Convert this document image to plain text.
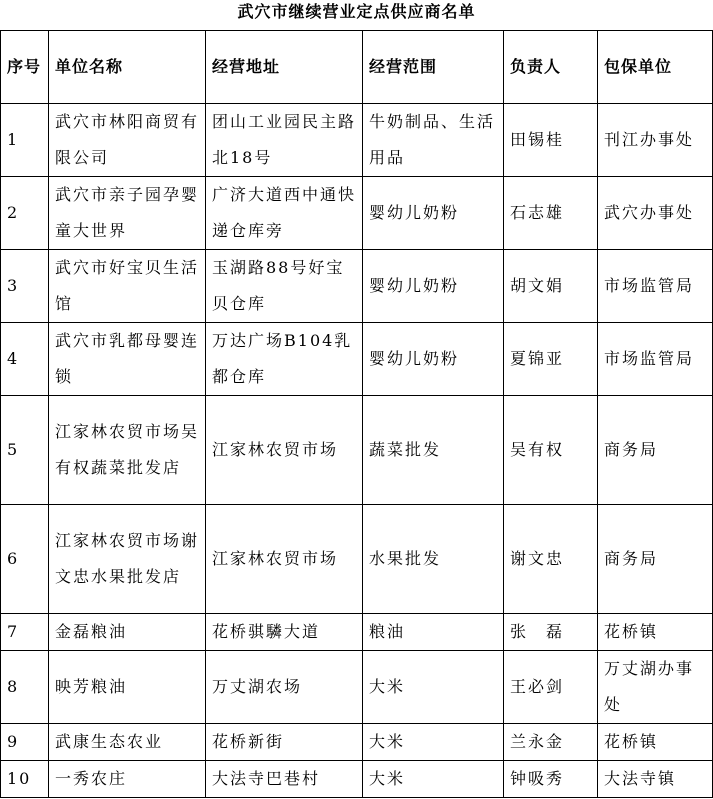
武穴市继续营业定点供应商名单
序号	单位名称	经营地址	经营范围	负责人	包保单位
1	武穴市林阳商贸有限公司	团山工业园民主路北18号	牛奶制品、生活用品	田锡桂	刊江办事处
2	武穴市亲子园孕婴童大世界	广济大道西中通快递仓库旁	婴幼儿奶粉	石志雄	武穴办事处
3	武穴市好宝贝生活馆	玉湖路88号好宝贝仓库	婴幼儿奶粉	胡文娟	市场监管局
4	武穴市乳都母婴连锁	万达广场B104乳都仓库	婴幼儿奶粉	夏锦亚	市场监管局
5	江家林农贸市场吴有权蔬菜批发店	江家林农贸市场	蔬菜批发	吴有权	商务局
6	江家林农贸市场谢文忠水果批发店	江家林农贸市场	水果批发	谢文忠	商务局
7	金磊粮油	花桥骐驎大道	粮油	张　磊	花桥镇
8	映芳粮油	万丈湖农场	大米	王必剑	万丈湖办事处
9	武康生态农业	花桥新街	大米	兰永金	花桥镇
10	一秀农庄	大法寺巴巷村	大米	钟吸秀	大法寺镇
